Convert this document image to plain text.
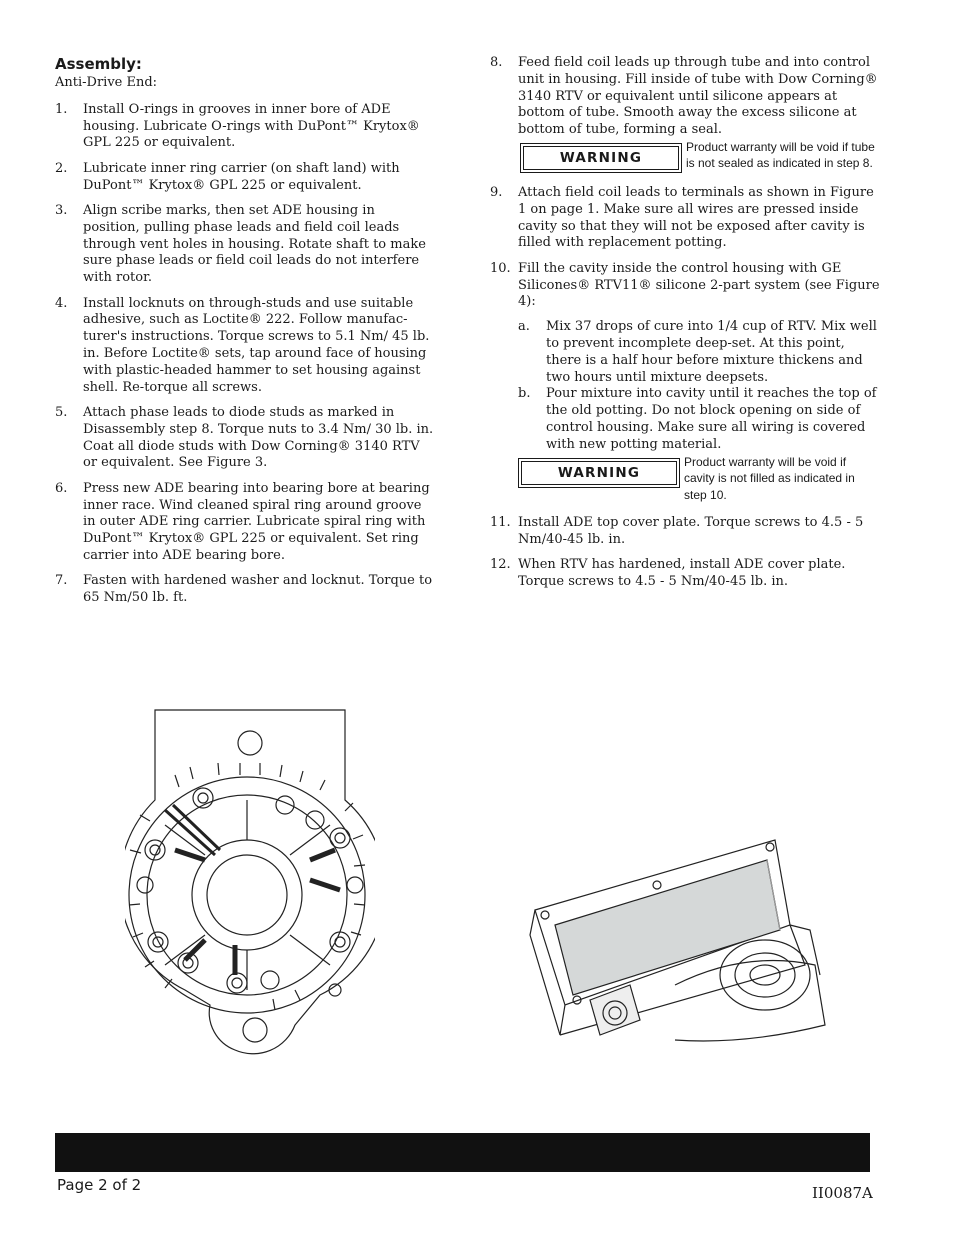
Assembly:
Anti-Drive End:
1.	Install O-rings in grooves in inner bore of ADE housing. Lubricate O-rings with DuPont™ Krytox® GPL 225 or equivalent.
2.	Lubricate inner ring carrier (on shaft land) with DuPont™ Krytox® GPL 225 or equivalent.
3.	Align scribe marks, then set ADE housing in position, pulling phase leads and field coil leads through vent holes in housing. Rotate shaft to make sure phase leads or field coil leads do not interfere with rotor.
4.	Install locknuts on through-studs and use suitable adhesive, such as Loctite® 222. Follow manufacturer's instructions. Torque screws to 5.1 Nm/ 45 lb. in. Before Loctite® sets, tap around face of housing with plastic-headed hammer to set housing against shell. Re-torque all screws.
5.	Attach phase leads to diode studs as marked in Disassembly step 8. Torque nuts to 3.4 Nm/ 30 lb. in. Coat all diode studs with Dow Corning® 3140 RTV or equivalent. See Figure 3.
6.	Press new ADE bearing into bearing bore at bearing inner race. Wind cleaned spiral ring around groove in outer ADE ring carrier. Lubricate spiral ring with DuPont™ Krytox® GPL 225 or equivalent. Set ring carrier into ADE bearing bore.
7.	Fasten with hardened washer and locknut. Torque to 65 Nm/50 lb. ft.
8.	Feed field coil leads up through tube and into control unit in housing. Fill inside of tube with Dow Corning® 3140 RTV or equivalent until silicone appears at bottom of tube. Smooth away the excess silicone at bottom of tube, forming a seal.
WARNING
Product warranty will be void if tube is not sealed as indicated in step 8.
9.	Attach field coil leads to terminals as shown in Figure 1 on page 1. Make sure all wires are pressed inside cavity so that they will not be exposed after cavity is filled with replacement potting.
10. Fill the cavity inside the control housing with GE Silicones® RTV11® silicone 2-part system (see Figure 4):
a.	Mix 37 drops of cure into 1/4 cup of RTV. Mix well to prevent incomplete deep-set. At this point, there is a half hour before mixture thickens and two hours until mixture deepsets.
b.	Pour mixture into cavity until it reaches the top of the old potting. Do not block opening on side of control housing. Make sure all wiring is covered with new potting material.
WARNING
Product warranty will be void if cavity is not filled as indicated in step 10.
11. Install ADE top cover plate. Torque screws to 4.5 - 5 Nm/40-45 lb. in.
12. When RTV has hardened, install ADE cover plate. Torque screws to 4.5 - 5 Nm/40-45 lb. in.
Page 2 of 2	II0087A
